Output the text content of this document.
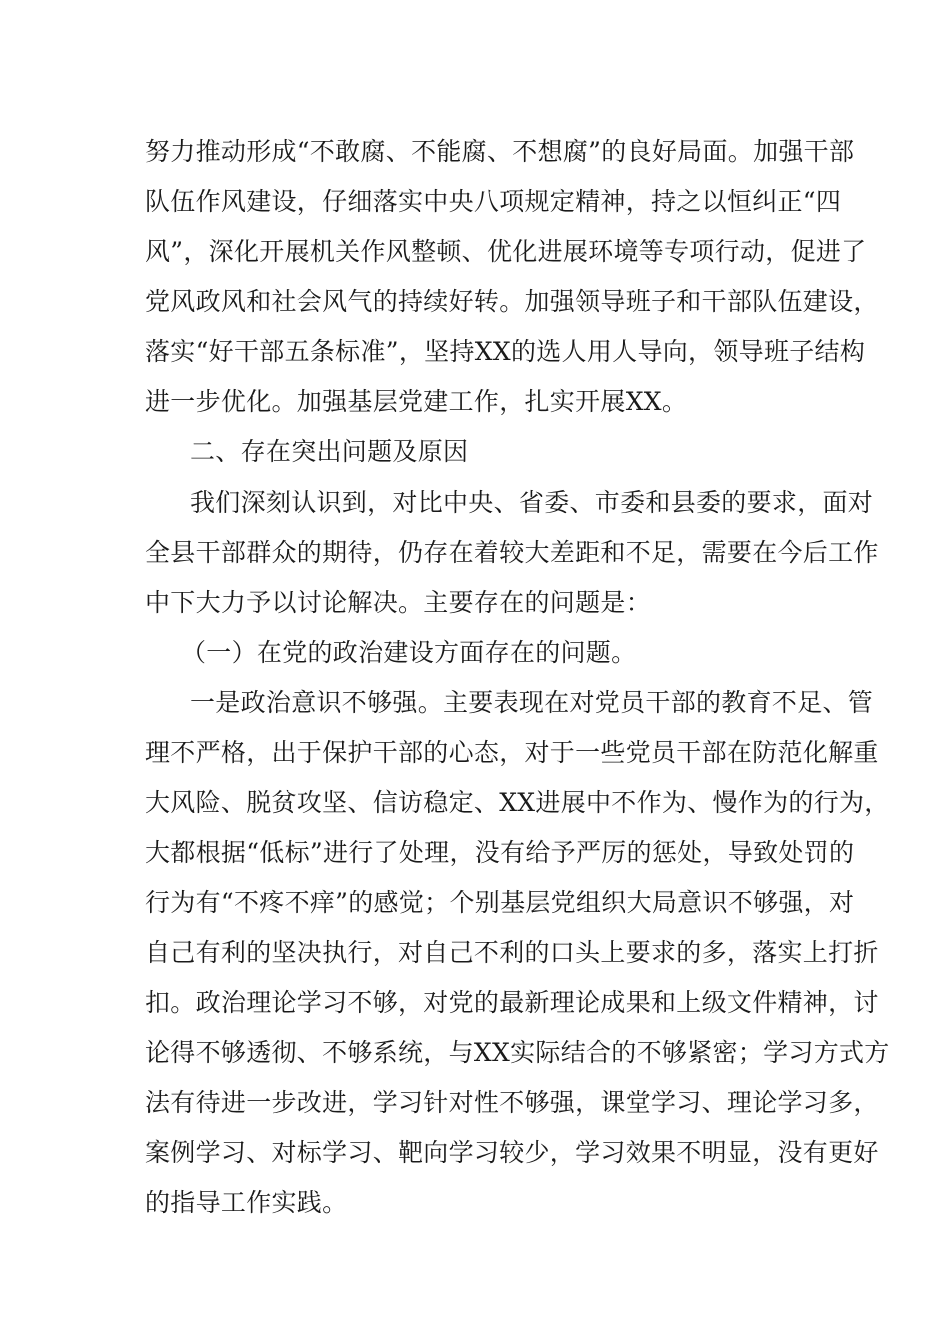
努力推动形成“不敢腐、不能腐、不想腐”的良好局面。加强干部
队伍作风建设，仔细落实中央八项规定精神，持之以恒纠正“四
风”，深化开展机关作风整顿、优化进展环境等专项行动，促进了
党风政风和社会风气的持续好转。加强领导班子和干部队伍建设，
落实“好干部五条标准”，坚持XX的选人用人导向，领导班子结构
进一步优化。加强基层党建工作，扎实开展XX。
二、存在突出问题及原因
我们深刻认识到，对比中央、省委、市委和县委的要求，面对
全县干部群众的期待，仍存在着较大差距和不足，需要在今后工作
中下大力予以讨论解决。主要存在的问题是：
（一）在党的政治建设方面存在的问题。
一是政治意识不够强。主要表现在对党员干部的教育不足、管
理不严格，出于保护干部的心态，对于一些党员干部在防范化解重
大风险、脱贫攻坚、信访稳定、XX进展中不作为、慢作为的行为，
大都根据“低标”进行了处理，没有给予严厉的惩处，导致处罚的
行为有“不疼不痒”的感觉；个别基层党组织大局意识不够强，对
自己有利的坚决执行，对自己不利的口头上要求的多，落实上打折
扣。政治理论学习不够，对党的最新理论成果和上级文件精神，讨
论得不够透彻、不够系统，与XX实际结合的不够紧密；学习方式方
法有待进一步改进，学习针对性不够强，课堂学习、理论学习多，
案例学习、对标学习、靶向学习较少，学习效果不明显，没有更好
的指导工作实践。
